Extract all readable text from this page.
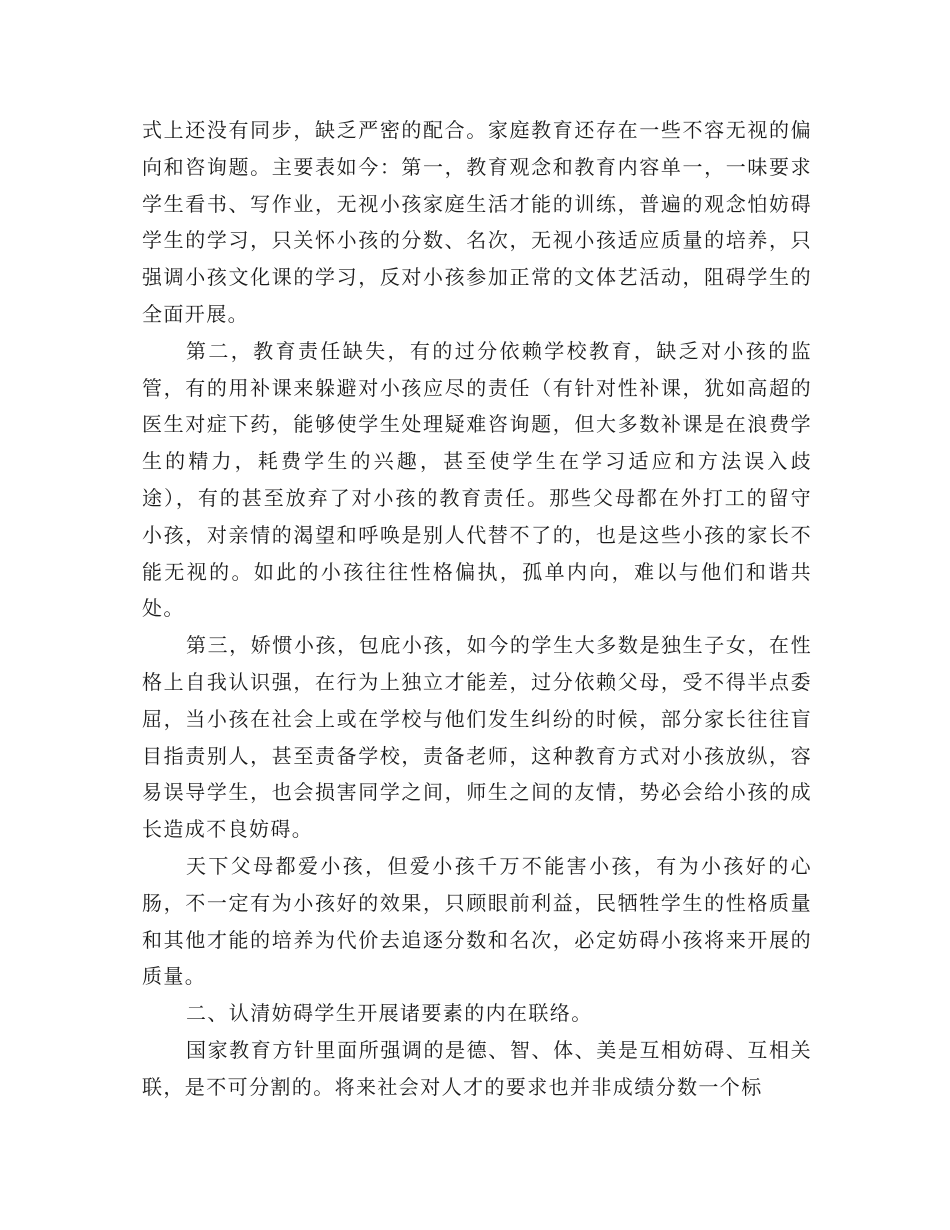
式上还没有同步，缺乏严密的配合。家庭教育还存在一些不容无视的偏向和咨询题。主要表如今：第一，教育观念和教育内容单一，一味要求学生看书、写作业，无视小孩家庭生活才能的训练，普遍的观念怕妨碍学生的学习，只关怀小孩的分数、名次，无视小孩适应质量的培养，只强调小孩文化课的学习，反对小孩参加正常的文体艺活动，阻碍学生的全面开展。

第二，教育责任缺失，有的过分依赖学校教育，缺乏对小孩的监管，有的用补课来躲避对小孩应尽的责任（有针对性补课，犹如高超的医生对症下药，能够使学生处理疑难咨询题，但大多数补课是在浪费学生的精力，耗费学生的兴趣，甚至使学生在学习适应和方法误入歧途），有的甚至放弃了对小孩的教育责任。那些父母都在外打工的留守小孩，对亲情的渴望和呼唤是别人代替不了的，也是这些小孩的家长不能无视的。如此的小孩往往性格偏执，孤单内向，难以与他们和谐共处。

第三，娇惯小孩，包庇小孩，如今的学生大多数是独生子女，在性格上自我认识强，在行为上独立才能差，过分依赖父母，受不得半点委屈，当小孩在社会上或在学校与他们发生纠纷的时候，部分家长往往盲目指责别人，甚至责备学校，责备老师，这种教育方式对小孩放纵，容易误导学生，也会损害同学之间，师生之间的友情，势必会给小孩的成长造成不良妨碍。

天下父母都爱小孩，但爱小孩千万不能害小孩，有为小孩好的心肠，不一定有为小孩好的效果，只顾眼前利益，民牺牲学生的性格质量和其他才能的培养为代价去追逐分数和名次，必定妨碍小孩将来开展的质量。

二、认清妨碍学生开展诸要素的内在联络。

国家教育方针里面所强调的是德、智、体、美是互相妨碍、互相关联，是不可分割的。将来社会对人才的要求也并非成绩分数一个标
